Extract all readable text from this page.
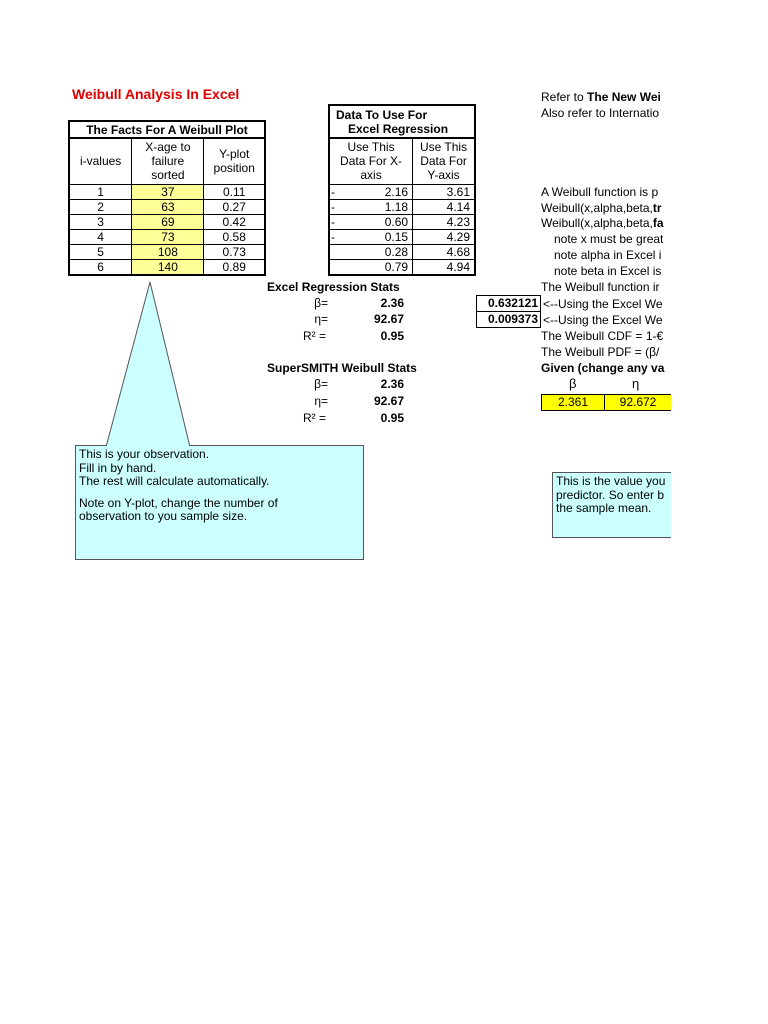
Weibull Analysis In Excel
The Facts For A Weibull Plot		
i-values	X-age to failure sorted	Y-plot position
1	37	0.11
2	63	0.27
3	69	0.42
4	73	0.58
5	108	0.73
6	140	0.89
Data To Use For
Excel Regression	

Use This Data For X-axis	Use This Data For Y-axis
- 2.16	3.61
- 1.18	4.14
- 0.60	4.23
- 0.15	4.29

0.28	4.68

0.79	4.94
Excel Regression Stats
β=	2.36
η=	92.67
R² =	0.95
0.632121
0.009373
SuperSMITH Weibull Stats
β=	2.36
η=	92.67
R² =	0.95
Refer to The New Wei
Also refer to Internatio
A Weibull function is p
Weibull(x,alpha,beta,tr
Weibull(x,alpha,beta,fa
note x must be great
note alpha in Excel i
note beta in Excel is
The Weibull function ir
<--Using the Excel We
<--Using the Excel We
The Weibull CDF = 1-€
The Weibull PDF = (β/
Given (change any va
β	η
2.361	92.672
This is your observation.
Fill in by hand.
The rest will calculate automatically.
Note on Y-plot, change the number of
observation to you sample size.
This is the value you
predictor. So enter b
the sample mean.
